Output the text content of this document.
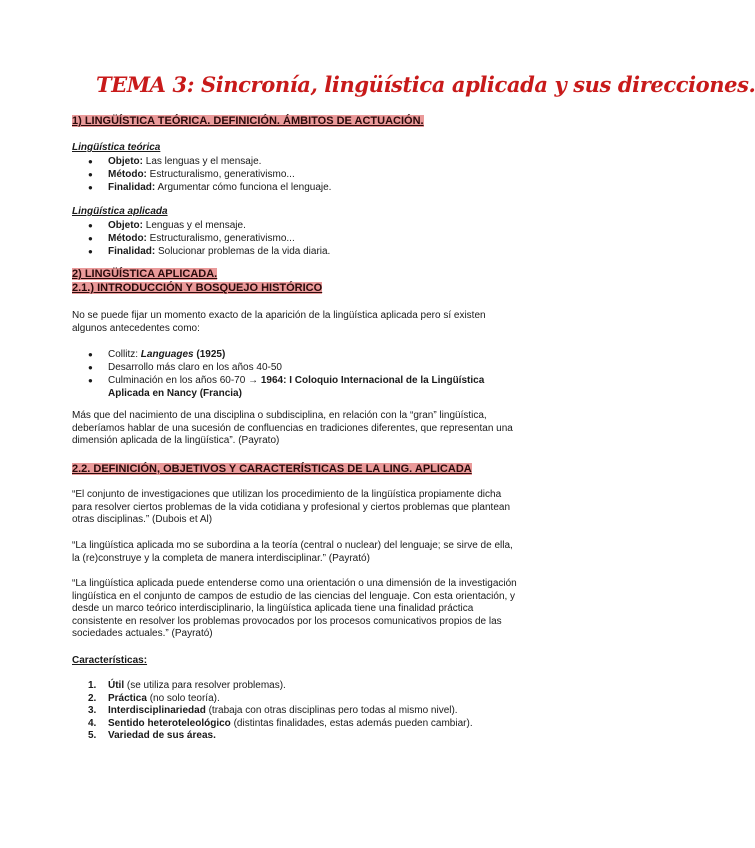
TEMA 3: Sincronía, lingüística aplicada y sus direcciones.
1) LINGÜÍSTICA TEÓRICA. DEFINICIÓN. ÁMBITOS DE ACTUACIÓN.
Lingüística teórica
● Objeto: Las lenguas y el mensaje.
● Método: Estructuralismo, generativismo...
● Finalidad: Argumentar cómo funciona el lenguaje.
Lingüística aplicada
● Objeto: Lenguas y el mensaje.
● Método: Estructuralismo, generativismo...
● Finalidad: Solucionar problemas de la vida diaria.
2) LINGÜÍSTICA APLICADA.
2.1.) INTRODUCCIÓN Y BOSQUEJO HISTÓRICO
No se puede fijar un momento exacto de la aparición de la lingüística aplicada pero sí existen algunos antecedentes como:
● Collitz: Languages (1925)
● Desarrollo más claro en los años 40-50
● Culminación en los años 60-70 → 1964: I Coloquio Internacional de la Lingüística Aplicada en Nancy (Francia)
Más que del nacimiento de una disciplina o subdisciplina, en relación con la “gran” lingüística, deberíamos hablar de una sucesión de confluencias en tradiciones diferentes, que representan una dimensión aplicada de la lingüística”. (Payrato)
2.2. DEFINICIÓN, OBJETIVOS Y CARACTERÍSTICAS DE LA LING. APLICADA
“El conjunto de investigaciones que utilizan los procedimiento de la lingüística propiamente dicha para resolver ciertos problemas de la vida cotidiana y profesional y ciertos problemas que plantean otras disciplinas.” (Dubois et Al)
“La lingüística aplicada mo se subordina a la teoría (central o nuclear) del lenguaje; se sirve de ella, la (re)construye y la completa de manera interdisciplinar.” (Payrató)
“La lingüística aplicada puede entenderse como una orientación o una dimensión de la investigación lingüística en el conjunto de campos de estudio de las ciencias del lenguaje. Con esta orientación, y desde un marco teórico interdisciplinario, la lingüística aplicada tiene una finalidad práctica consistente en resolver los problemas provocados por los procesos comunicativos propios de las sociedades actuales.” (Payrató)
Características:
1. Útil (se utiliza para resolver problemas).
2. Práctica (no solo teoría).
3. Interdisciplinariedad (trabaja con otras disciplinas pero todas al mismo nivel).
4. Sentido heteroteleológico (distintas finalidades, estas además pueden cambiar).
5. Variedad de sus áreas.
